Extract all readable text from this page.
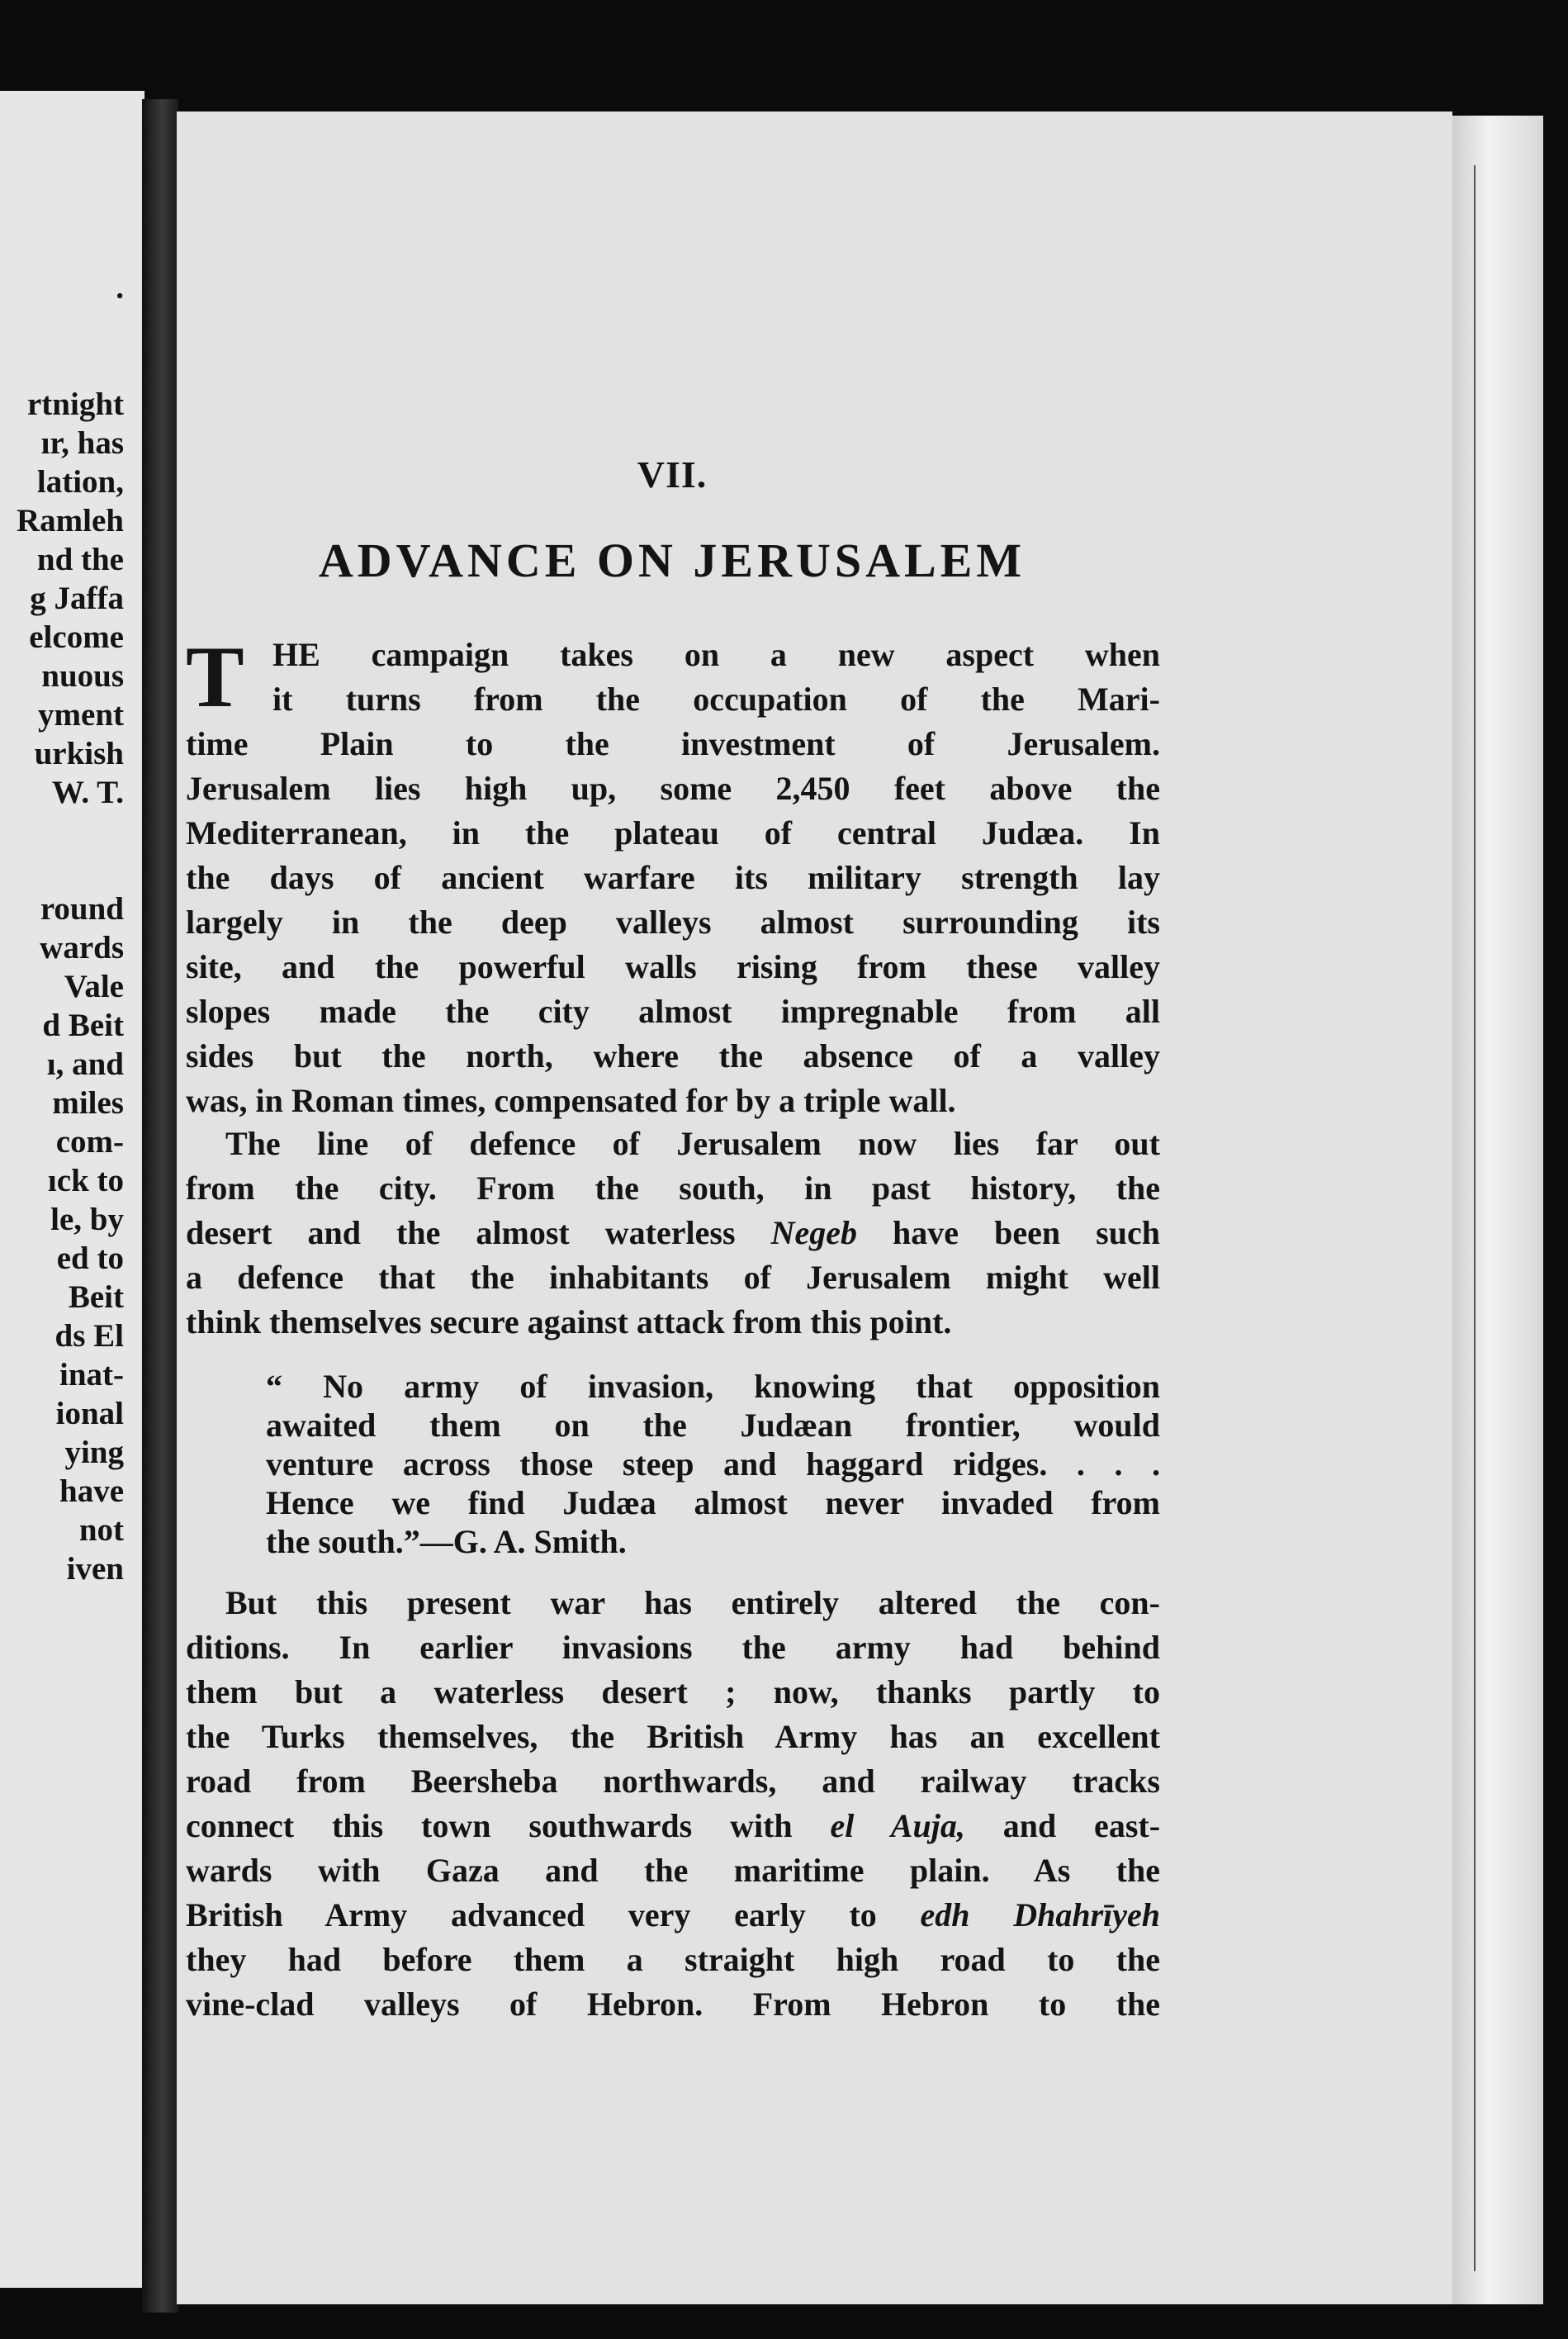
.

rtnight
ır, has
lation,
Ramleh
nd the
g Jaffa
elcome
nuous
yment
urkish
W. T.

round
wards
Vale
d Beit
ı, and
miles
com-
ıck to
le, by
ed to
Beit
ds El
inat-
ional
ying
have
not
iven
VII.
ADVANCE ON JERUSALEM
T HE campaign takes on a new aspect when
it turns from the occupation of the Mari-
time Plain to the investment of Jerusalem.
Jerusalem lies high up, some 2,450 feet above the
Mediterranean, in the plateau of central Judæa. In
the days of ancient warfare its military strength lay
largely in the deep valleys almost surrounding its
site, and the powerful walls rising from these valley
slopes made the city almost impregnable from all
sides but the north, where the absence of a valley
was, in Roman times, compensated for by a triple wall.
The line of defence of Jerusalem now lies far out
from the city. From the south, in past history, the
desert and the almost waterless Negeb have been such
a defence that the inhabitants of Jerusalem might well
think themselves secure against attack from this point.
“ No army of invasion, knowing that opposition
awaited them on the Judæan frontier, would
venture across those steep and haggard ridges. . . .
Hence we find Judæa almost never invaded from
the south.”—G. A. Smith.
But this present war has entirely altered the con-
ditions. In earlier invasions the army had behind
them but a waterless desert ; now, thanks partly to
the Turks themselves, the British Army has an excellent
road from Beersheba northwards, and railway tracks
connect this town southwards with el Auja, and east-
wards with Gaza and the maritime plain. As the
British Army advanced very early to edh Dhahrīyeh
they had before them a straight high road to the
vine-clad valleys of Hebron. From Hebron to the
